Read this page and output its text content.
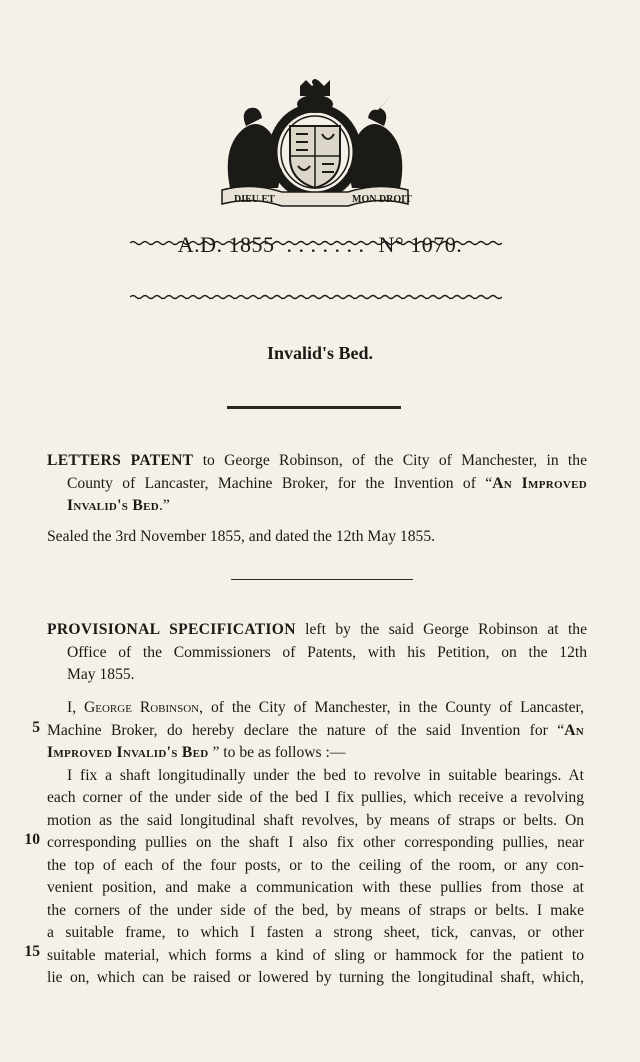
DIEU ET	MON DROIT
A.D. 1855 . . . . . . . N° 1070.
Invalid's Bed.
LETTERS PATENT to George Robinson, of the City of Manchester, in the
County of Lancaster, Machine Broker, for the Invention of “An Improved
Invalid's Bed.”
Sealed the 3rd November 1855, and dated the 12th May 1855.
PROVISIONAL SPECIFICATION left by the said George Robinson at the
Office of the Commissioners of Patents, with his Petition, on the 12th
May 1855.
5
10
15
I, George Robinson, of the City of Manchester, in the County of Lancaster,
Machine Broker, do hereby declare the nature of the said Invention for “An
Improved Invalid's Bed ” to be as follows :—
I fix a shaft longitudinally under the bed to revolve in suitable bearings. At
each corner of the under side of the bed I fix pullies, which receive a revolving
motion as the said longitudinal shaft revolves, by means of straps or belts. On
corresponding pullies on the shaft I also fix other corresponding pullies, near
the top of each of the four posts, or to the ceiling of the room, or any con-
venient position, and make a communication with these pullies from those at
the corners of the under side of the bed, by means of straps or belts. I make
a suitable frame, to which I fasten a strong sheet, tick, canvas, or other
suitable material, which forms a kind of sling or hammock for the patient to
lie on, which can be raised or lowered by turning the longitudinal shaft, which,
